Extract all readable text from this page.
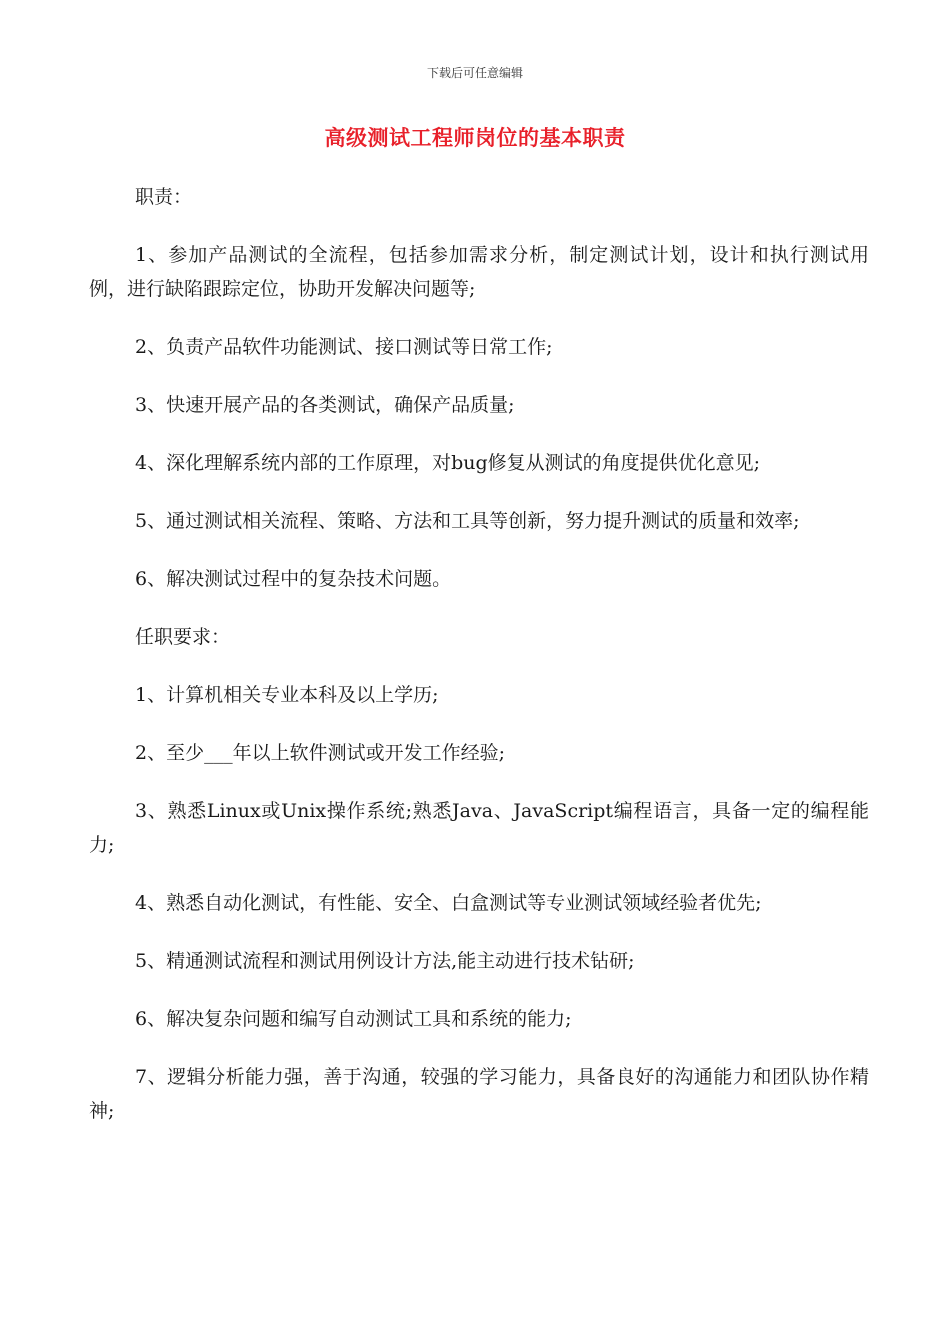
下载后可任意编辑
高级测试工程师岗位的基本职责

职责：

1、参加产品测试的全流程，包括参加需求分析，制定测试计划，设计和执行测试用例，进行缺陷跟踪定位，协助开发解决问题等;

2、负责产品软件功能测试、接口测试等日常工作;

3、快速开展产品的各类测试，确保产品质量;

4、深化理解系统内部的工作原理，对bug修复从测试的角度提供优化意见;

5、通过测试相关流程、策略、方法和工具等创新，努力提升测试的质量和效率;

6、解决测试过程中的复杂技术问题。

任职要求：

1、计算机相关专业本科及以上学历;

2、至少___年以上软件测试或开发工作经验;

3、熟悉Linux或Unix操作系统;熟悉Java、JavaScript编程语言，具备一定的编程能力;

4、熟悉自动化测试，有性能、安全、白盒测试等专业测试领域经验者优先;

5、精通测试流程和测试用例设计方法,能主动进行技术钻研;

6、解决复杂问题和编写自动测试工具和系统的能力;

7、逻辑分析能力强，善于沟通，较强的学习能力，具备良好的沟通能力和团队协作精神;
